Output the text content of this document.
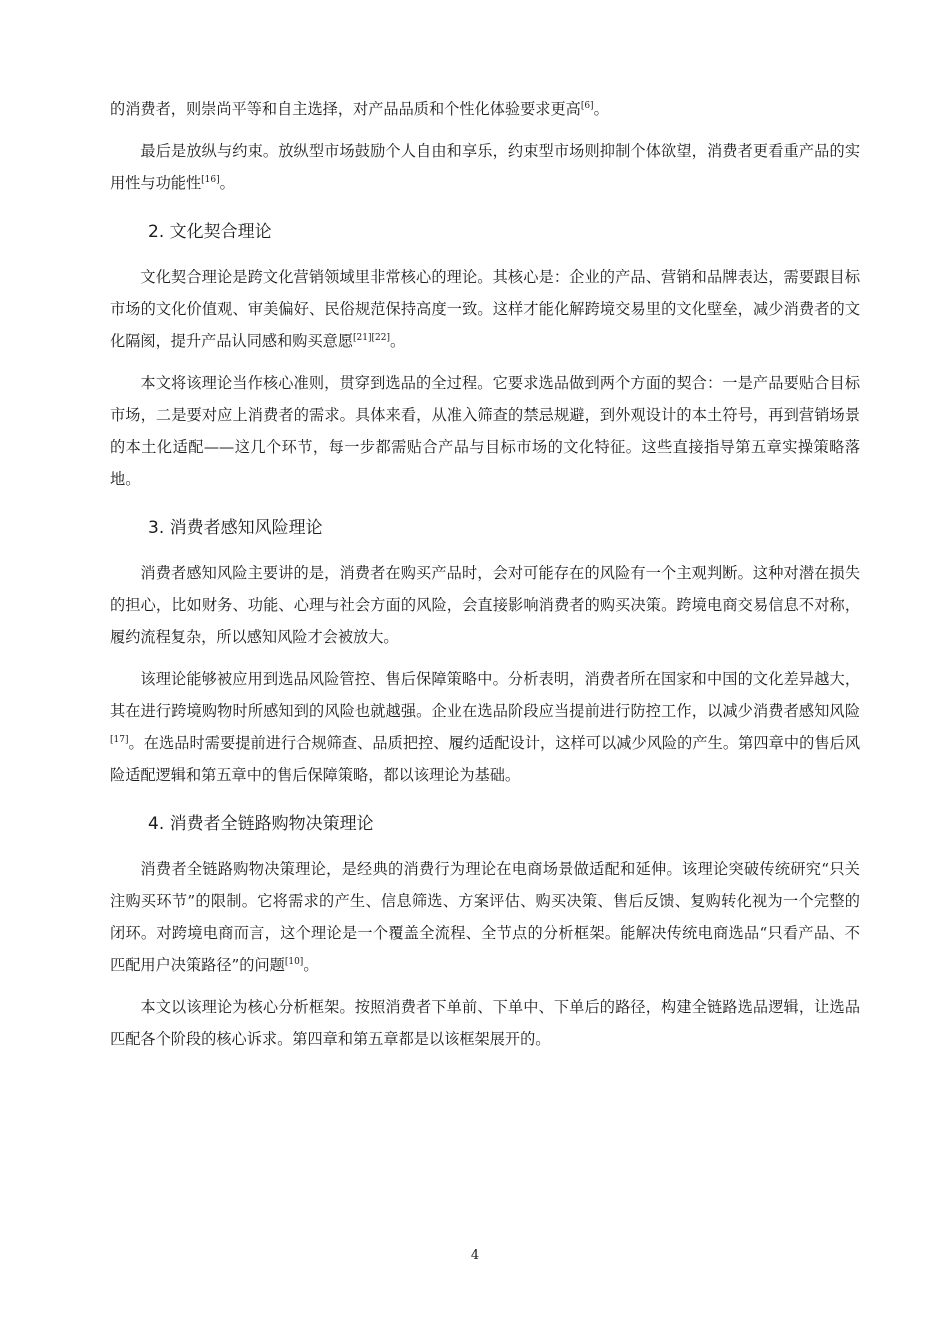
的消费者，则崇尚平等和自主选择，对产品品质和个性化体验要求更高[6]。

最后是放纵与约束。放纵型市场鼓励个人自由和享乐，约束型市场则抑制个体欲望，消费者更看重产品的实用性与功能性[16]。

2. 文化契合理论

文化契合理论是跨文化营销领域里非常核心的理论。其核心是：企业的产品、营销和品牌表达，需要跟目标市场的文化价值观、审美偏好、民俗规范保持高度一致。这样才能化解跨境交易里的文化壁垒，减少消费者的文化隔阂，提升产品认同感和购买意愿[21][22]。

本文将该理论当作核心准则，贯穿到选品的全过程。它要求选品做到两个方面的契合：一是产品要贴合目标市场，二是要对应上消费者的需求。具体来看，从准入筛查的禁忌规避，到外观设计的本土符号，再到营销场景的本土化适配——这几个环节，每一步都需贴合产品与目标市场的文化特征。这些直接指导第五章实操策略落地。

3. 消费者感知风险理论

消费者感知风险主要讲的是，消费者在购买产品时，会对可能存在的风险有一个主观判断。这种对潜在损失的担心，比如财务、功能、心理与社会方面的风险，会直接影响消费者的购买决策。跨境电商交易信息不对称，履约流程复杂，所以感知风险才会被放大。

该理论能够被应用到选品风险管控、售后保障策略中。分析表明，消费者所在国家和中国的文化差异越大，其在进行跨境购物时所感知到的风险也就越强。企业在选品阶段应当提前进行防控工作，以减少消费者感知风险[17]。在选品时需要提前进行合规筛查、品质把控、履约适配设计，这样可以减少风险的产生。第四章中的售后风险适配逻辑和第五章中的售后保障策略，都以该理论为基础。

4. 消费者全链路购物决策理论

消费者全链路购物决策理论，是经典的消费行为理论在电商场景做适配和延伸。该理论突破传统研究“只关注购买环节”的限制。它将需求的产生、信息筛选、方案评估、购买决策、售后反馈、复购转化视为一个完整的闭环。对跨境电商而言，这个理论是一个覆盖全流程、全节点的分析框架。能解决传统电商选品“只看产品、不匹配用户决策路径”的问题[10]。

本文以该理论为核心分析框架。按照消费者下单前、下单中、下单后的路径，构建全链路选品逻辑，让选品匹配各个阶段的核心诉求。第四章和第五章都是以该框架展开的。

4
